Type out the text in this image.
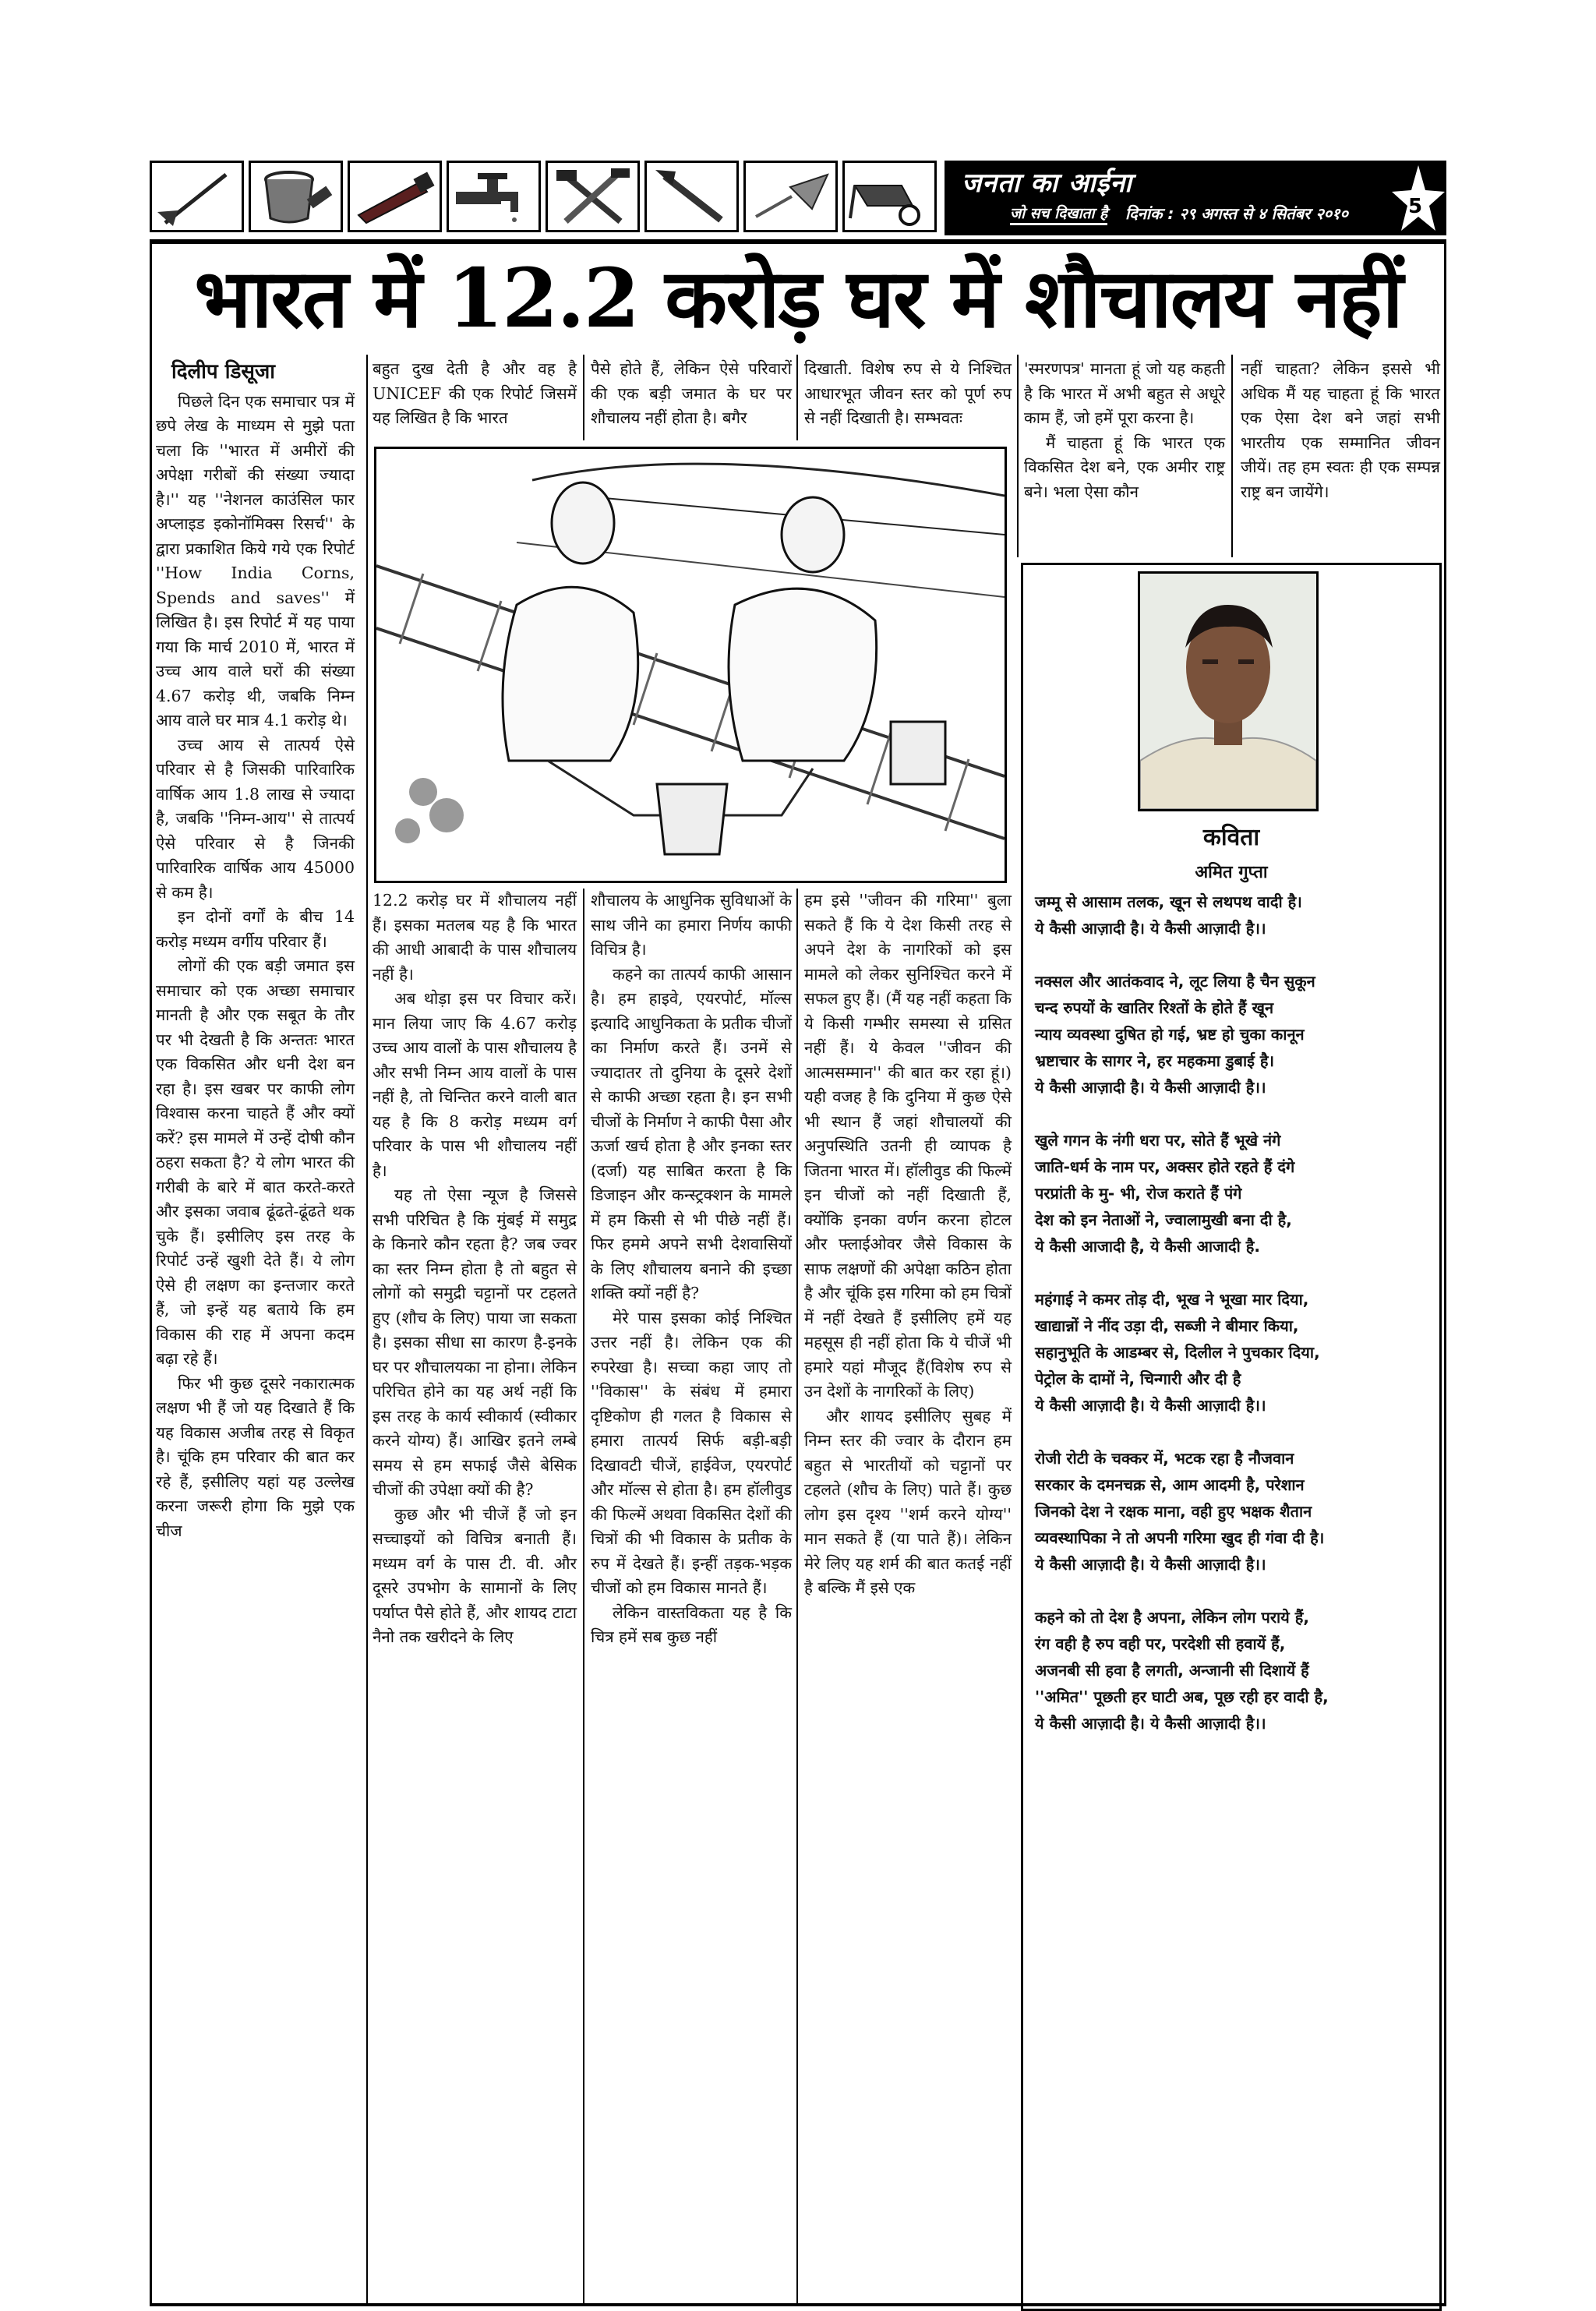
जनता का आईना
जो सच दिखाता है दिनांक : २९ अगस्त से ४ सितंबर २०१०	5
भारत में 12.2 करोड़ घर में शौचालय नहीं
दिलीप डिसूजा

पिछले दिन एक समाचार पत्र में छपे लेख के माध्यम से मुझे पता चला कि ''भारत में अमीरों की अपेक्षा गरीबों की संख्या ज्यादा है।'' यह ''नेशनल काउंसिल फार अप्लाइड इकोनॉमिक्स रिसर्च'' के द्वारा प्रकाशित किये गये एक रिपोर्ट ''How India Corns, Spends and saves'' में लिखित है। इस रिपोर्ट में यह पाया गया कि मार्च 2010 में, भारत में उच्च आय वाले घरों की संख्या 4.67 करोड़ थी, जबकि निम्न आय वाले घर मात्र 4.1 करोड़ थे।

उच्च आय से तात्पर्य ऐसे परिवार से है जिसकी पारिवारिक वार्षिक आय 1.8 लाख से ज्यादा है, जबकि ''निम्न-आय'' से तात्पर्य ऐसे परिवार से है जिनकी पारिवारिक वार्षिक आय 45000 से कम है।

इन दोनों वर्गों के बीच 14 करोड़ मध्यम वर्गीय परिवार हैं।

लोगों की एक बड़ी जमात इस समाचार को एक अच्छा समाचार मानती है और एक सबूत के तौर पर भी देखती है कि अन्ततः भारत एक विकसित और धनी देश बन रहा है। इस खबर पर काफी लोग विश्वास करना चाहते हैं और क्यों करें? इस मामले में उन्हें दोषी कौन ठहरा सकता है? ये लोग भारत की गरीबी के बारे में बात करते-करते और इसका जवाब ढूंढते-ढूंढते थक चुके हैं। इसीलिए इस तरह के रिपोर्ट उन्हें खुशी देते हैं। ये लोग ऐसे ही लक्षण का इन्तजार करते हैं, जो इन्हें यह बताये कि हम विकास की राह में अपना कदम बढ़ा रहे हैं।

फिर भी कुछ दूसरे नकारात्मक लक्षण भी हैं जो यह दिखाते हैं कि यह विकास अजीब तरह से विकृत है। चूंकि हम परिवार की बात कर रहे हैं, इसीलिए यहां यह उल्लेख करना जरूरी होगा कि मुझे एक चीज

बहुत दुख देती है और वह है UNICEF की एक रिपोर्ट जिसमें यह लिखित है कि भारत

पैसे होते हैं, लेकिन ऐसे परिवारों की एक बड़ी जमात के घर पर शौचालय नहीं होता है। बगैर

दिखाती. विशेष रुप से ये निश्चित आधारभूत जीवन स्तर को पूर्ण रुप से नहीं दिखाती है। सम्भवतः

'स्मरणपत्र' मानता हूं जो यह कहती है कि भारत में अभी बहुत से अधूरे काम हैं, जो हमें पूरा करना है।

मैं चाहता हूं कि भारत एक विकसित देश बने, एक अमीर राष्ट्र बने। भला ऐसा कौन

नहीं चाहता? लेकिन इससे भी अधिक मैं यह चाहता हूं कि भारत एक ऐसा देश बने जहां सभी भारतीय एक सम्मानित जीवन जीयें। तह हम स्वतः ही एक सम्पन्न राष्ट्र बन जायेंगे।

12.2 करोड़ घर में शौचालय नहीं हैं। इसका मतलब यह है कि भारत की आधी आबादी के पास शौचालय नहीं है।

अब थोड़ा इस पर विचार करें। मान लिया जाए कि 4.67 करोड़ उच्च आय वालों के पास शौचालय है और सभी निम्न आय वालों के पास नहीं है, तो चिन्तित करने वाली बात यह है कि 8 करोड़ मध्यम वर्ग परिवार के पास भी शौचालय नहीं है।

यह तो ऐसा न्यूज है जिससे सभी परिचित है कि मुंबई में समुद्र के किनारे कौन रहता है? जब ज्वर का स्तर निम्न होता है तो बहुत से लोगों को समुद्री चट्टानों पर टहलते हुए (शौच के लिए) पाया जा सकता है। इसका सीधा सा कारण है-इनके घर पर शौचालयका ना होना। लेकिन परिचित होने का यह अर्थ नहीं कि इस तरह के कार्य स्वीकार्य (स्वीकार करने योग्य) हैं। आखिर इतने लम्बे समय से हम सफाई जैसे बेसिक चीजों की उपेक्षा क्यों की है?

कुछ और भी चीजें हैं जो इन सच्चाइयों को विचित्र बनाती हैं। मध्यम वर्ग के पास टी. वी. और दूसरे उपभोग के सामानों के लिए पर्याप्त पैसे होते हैं, और शायद टाटा नैनो तक खरीदने के लिए

शौचालय के आधुनिक सुविधाओं के साथ जीने का हमारा निर्णय काफी विचित्र है।

कहने का तात्पर्य काफी आसान है। हम हाइवे, एयरपोर्ट, मॉल्स इत्यादि आधुनिकता के प्रतीक चीजों का निर्माण करते हैं। उनमें से ज्यादातर तो दुनिया के दूसरे देशों से काफी अच्छा रहता है। इन सभी चीजों के निर्माण ने काफी पैसा और ऊर्जा खर्च होता है और इनका स्तर (दर्जा) यह साबित करता है कि डिजाइन और कन्स्ट्रक्शन के मामले में हम किसी से भी पीछे नहीं हैं। फिर हममे अपने सभी देशवासियों के लिए शौचालय बनाने की इच्छा शक्ति क्यों नहीं है?

मेरे पास इसका कोई निश्चित उत्तर नहीं है। लेकिन एक की रुपरेखा है। सच्चा कहा जाए तो ''विकास'' के संबंध में हमारा दृष्टिकोण ही गलत है विकास से हमारा तात्पर्य सिर्फ बड़ी-बड़ी दिखावटी चीजें, हाईवेज, एयरपोर्ट और मॉल्स से होता है। हम हॉलीवुड की फिल्में अथवा विकसित देशों की चित्रों की भी विकास के प्रतीक के रुप में देखते हैं। इन्हीं तड़क-भड़क चीजों को हम विकास मानते हैं।

लेकिन वास्तविकता यह है कि चित्र हमें सब कुछ नहीं

हम इसे ''जीवन की गरिमा'' बुला सकते हैं कि ये देश किसी तरह से अपने देश के नागरिकों को इस मामले को लेकर सुनिश्चित करने में सफल हुए हैं। (मैं यह नहीं कहता कि ये किसी गम्भीर समस्या से ग्रसित नहीं हैं। ये केवल ''जीवन की आत्मसम्मान'' की बात कर रहा हूं।) यही वजह है कि दुनिया में कुछ ऐसे भी स्थान हैं जहां शौचालयों की अनुपस्थिति उतनी ही व्यापक है जितना भारत में। हॉलीवुड की फिल्में इन चीजों को नहीं दिखाती हैं, क्योंकि इनका वर्णन करना होटल और फ्लाईओवर जैसे विकास के साफ लक्षणों की अपेक्षा कठिन होता है और चूंकि इस गरिमा को हम चित्रों में नहीं देखते हैं इसीलिए हमें यह महसूस ही नहीं होता कि ये चीजें भी हमारे यहां मौजूद हैं(विशेष रुप से उन देशों के नागरिकों के लिए)

और शायद इसीलिए सुबह में निम्न स्तर की ज्वार के दौरान हम बहुत से भारतीयों को चट्टानों पर टहलते (शौच के लिए) पाते हैं। कुछ लोग इस दृश्य ''शर्म करने योग्य'' मान सकते हैं (या पाते हैं)। लेकिन मेरे लिए यह शर्म की बात कतई नहीं है बल्कि मैं इसे एक

कविता
अमित गुप्ता
जम्मू से आसाम तलक, खून से लथपथ वादी है।
ये कैसी आज़ादी है। ये कैसी आज़ादी है।।
नक्सल और आतंकवाद ने, लूट लिया है चैन सुकून
चन्द रुपयों के खातिर रिश्तों के होते हैं खून
न्याय व्यवस्था दुषित हो गई, भ्रष्ट हो चुका कानून
भ्रष्टाचार के सागर ने, हर महकमा डुबाई है।
ये कैसी आज़ादी है। ये कैसी आज़ादी है।।
खुले गगन के नंगी धरा पर, सोते हैं भूखे नंगे
जाति-धर्म के नाम पर, अक्सर होते रहते हैं दंगे
परप्रांती के मु- भी, रोज कराते हैं पंगे
देश को इन नेताओं ने, ज्वालामुखी बना दी है,
ये कैसी आजादी है, ये कैसी आजादी है.
महंगाई ने कमर तोड़ दी, भूख ने भूखा मार दिया,
खाद्यान्नों ने नींद उड़ा दी, सब्जी ने बीमार किया,
सहानुभूति के आडम्बर से, दिलील ने पुचकार दिया,
पेट्रोल के दामों ने, चिन्गारी और दी है
ये कैसी आज़ादी है। ये कैसी आज़ादी है।।
रोजी रोटी के चक्कर में, भटक रहा है नौजवान
सरकार के दमनचक्र से, आम आदमी है, परेशान
जिनको देश ने रक्षक माना, वही हुए भक्षक शैतान
व्यवस्थापिका ने तो अपनी गरिमा खुद ही गंवा दी है।
ये कैसी आज़ादी है। ये कैसी आज़ादी है।।
कहने को तो देश है अपना, लेकिन लोग पराये हैं,
रंग वही है रुप वही पर, परदेशी सी हवायें हैं,
अजनबी सी हवा है लगती, अन्जानी सी दिशायें हैं
''अमित'' पूछती हर घाटी अब, पूछ रही हर वादी है,
ये कैसी आज़ादी है। ये कैसी आज़ादी है।।
